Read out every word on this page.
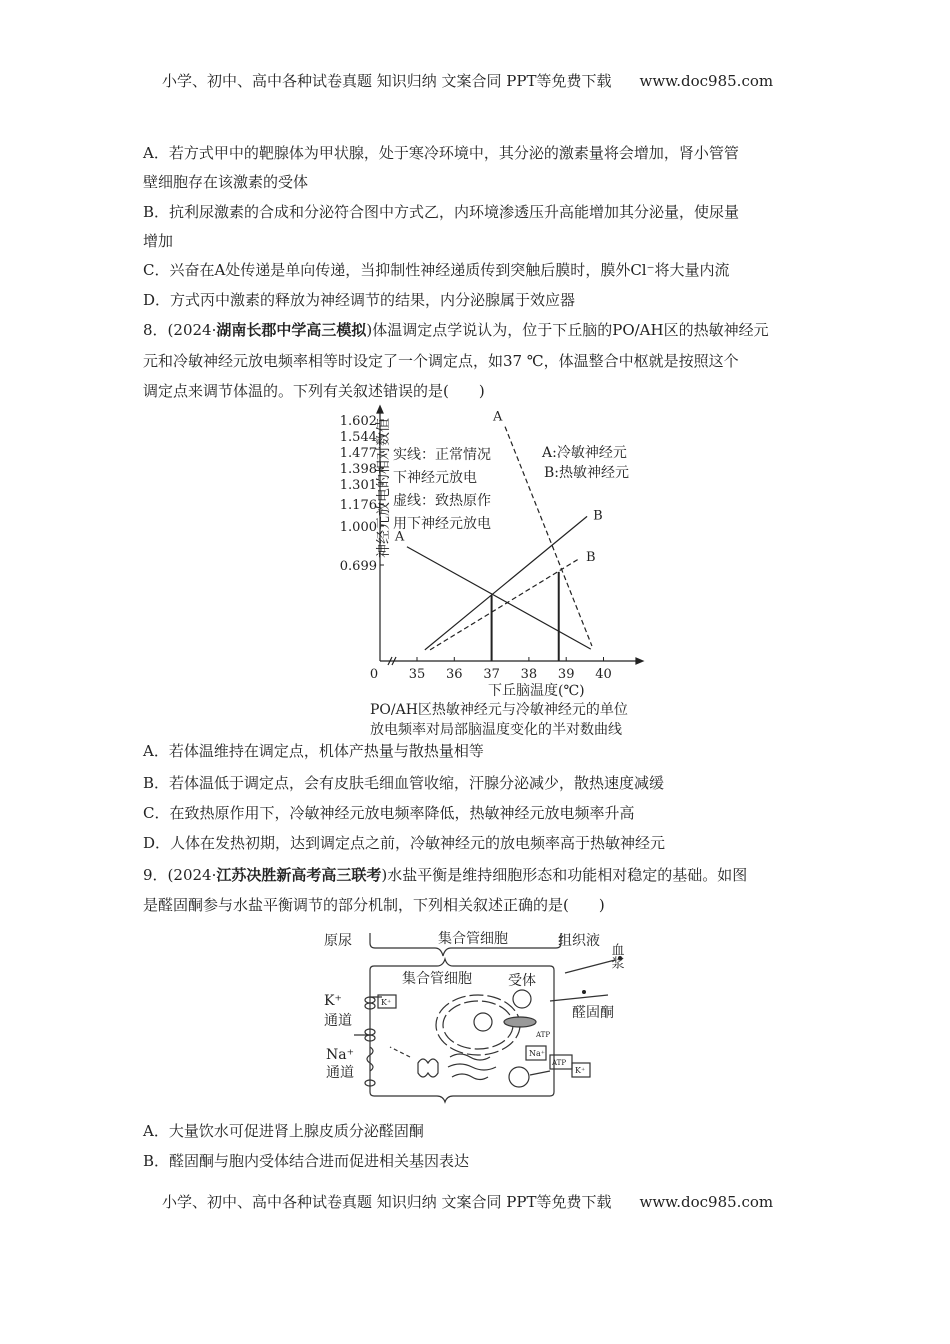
小学、初中、高中各种试卷真题 知识归纳 文案合同 PPT等免费下载 www.doc985.com
A．若方式甲中的靶腺体为甲状腺，处于寒冷环境中，其分泌的激素量将会增加，肾小管管
壁细胞存在该激素的受体
B．抗利尿激素的合成和分泌符合图中方式乙，内环境渗透压升高能增加其分泌量，使尿量
增加
C．兴奋在A处传递是单向传递，当抑制性神经递质传到突触后膜时，膜外Cl⁻将大量内流
D．方式丙中激素的释放为神经调节的结果，内分泌腺属于效应器
8．(2024·湖南长郡中学高三模拟)体温调定点学说认为，位于下丘脑的PO/AH区的热敏神经元
元和冷敏神经元放电频率相等时设定了一个调定点，如37 ℃，体温整合中枢就是按照这个
调定点来调节体温的。下列有关叙述错误的是(　　)
神经元放电的相对数值 实线：正常情况
下神经元放电
虚线：致热原作
用下神经元放电
A:冷敏神经元
B:热敏神经元
下丘脑温度(℃)
PO/AH区热敏神经元与冷敏神经元的单位
放电频率对局部脑温度变化的半对数曲线
0.699
1.000
1.176
1.301
1.398
1.477
1.544
1.602
0 35 36 37 38 39 40
A
B
A
B
A．若体温维持在调定点，机体产热量与散热量相等
B．若体温低于调定点，会有皮肤毛细血管收缩，汗腺分泌减少，散热速度减缓
C．在致热原作用下，冷敏神经元放电频率降低，热敏神经元放电频率升高
D．人体在发热初期，达到调定点之前，冷敏神经元的放电频率高于热敏神经元
9．(2024·江苏决胜新高考高三联考)水盐平衡是维持细胞形态和功能相对稳定的基础。如图
是醛固酮参与水盐平衡调节的部分机制，下列相关叙述正确的是(　　)
原尿	集合管细胞	组织液
集合管细胞	受体
醛固酮
K⁺
通道
Na⁺
通道
血浆
K⁺
Na⁺
ATP
K⁺
ATP
A．大量饮水可促进肾上腺皮质分泌醛固酮
B．醛固酮与胞内受体结合进而促进相关基因表达
小学、初中、高中各种试卷真题 知识归纳 文案合同 PPT等免费下载 www.doc985.com
